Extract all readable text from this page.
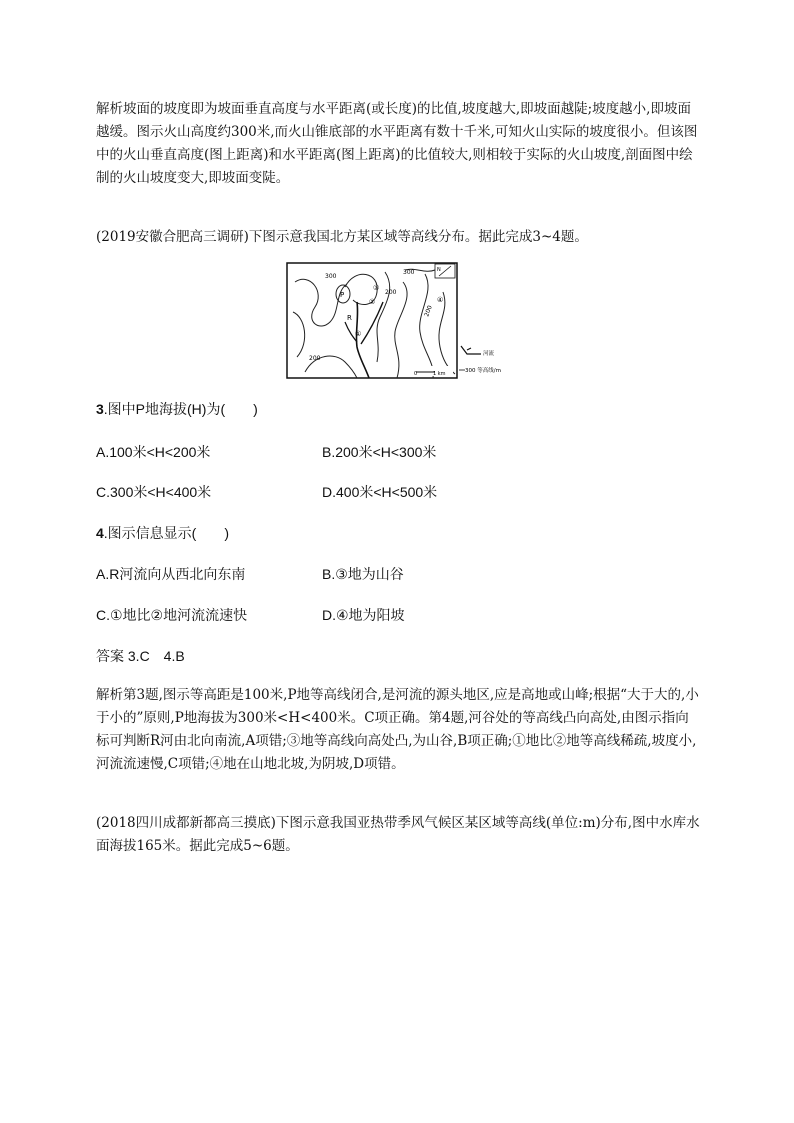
解析坡面的坡度即为坡面垂直高度与水平距离(或长度)的比值,坡度越大,即坡面越陡;坡度越小,即坡面越缓。图示火山高度约300米,而火山锥底部的水平距离有数十千米,可知火山实际的坡度很小。但该图中的火山垂直高度(图上距离)和水平距离(图上距离)的比值较大,则相较于实际的火山坡度,剖面图中绘制的火山坡度变大,即坡面变陡。

(2019安徽合肥高三调研)下图示意我国北方某区域等高线分布。据此完成3~4题。

300
200
200
200
300
P
R
①
②
③
④
N
0	1 km
河流
300 等高线/m
3.图中P地海拔(H)为(　　)
A.100米<H<200米	B.200米<H<300米
C.300米<H<400米	D.400米<H<500米
4.图示信息显示(　　)
A.R河流向从西北向东南	B.③地为山谷
C.①地比②地河流流速快	D.④地为阳坡
答案 3.C　4.B

解析第3题,图示等高距是100米,P地等高线闭合,是河流的源头地区,应是高地或山峰;根据“大于大的,小于小的”原则,P地海拔为300米<H<400米。C项正确。第4题,河谷处的等高线凸向高处,由图示指向标可判断R河由北向南流,A项错;③地等高线向高处凸,为山谷,B项正确;①地比②地等高线稀疏,坡度小,河流流速慢,C项错;④地在山地北坡,为阴坡,D项错。

(2018四川成都新都高三摸底)下图示意我国亚热带季风气候区某区域等高线(单位:m)分布,图中水库水面海拔165米。据此完成5~6题。
